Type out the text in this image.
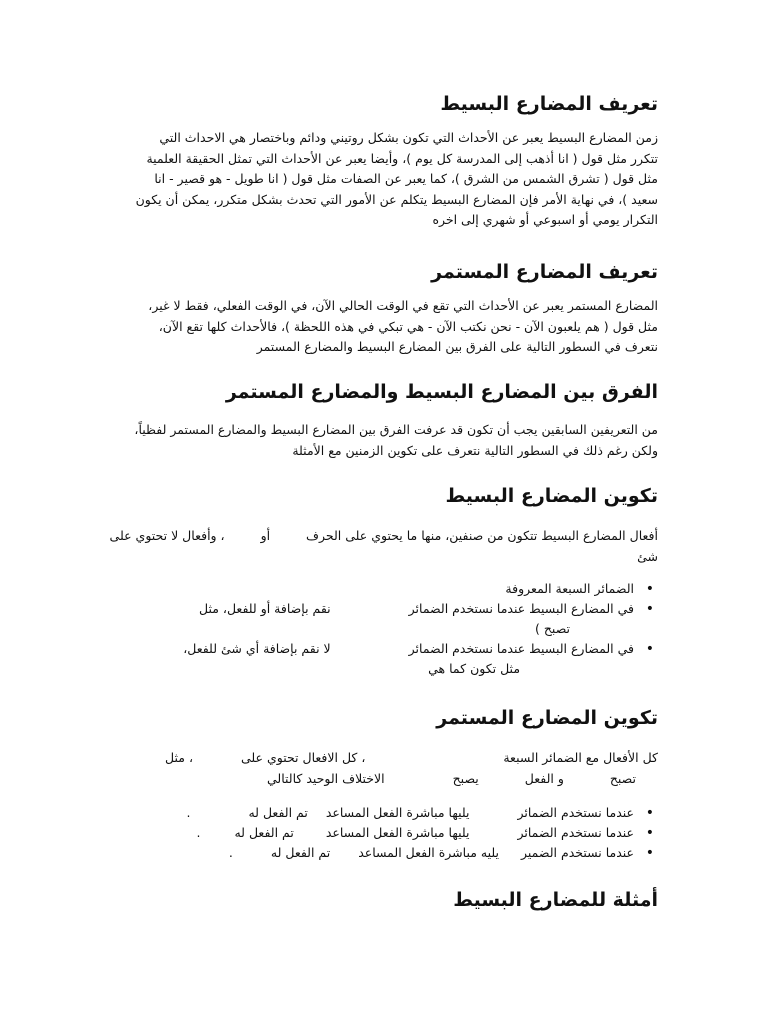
تعريف المضارع البسيط

زمن المضارع البسيط يعبر عن الأحداث التي تكون بشكل روتيني ودائم وباختصار هي الاحداث التي

تتكرر مثل قول ( انا أذهب إلى المدرسة كل يوم )، وأيضا يعبر عن الأحداث التي تمثل الحقيقة العلمية

مثل قول ( تشرق الشمس من الشرق )، كما يعبر عن الصفات مثل قول ( انا طويل - هو قصير - انا

سعيد )، في نهاية الأمر فإن المضارع البسيط يتكلم عن الأمور التي تحدث بشكل متكرر، يمكن أن يكون

التكرار يومي أو اسبوعي أو شهري إلى اخره

تعريف المضارع المستمر

المضارع المستمر يعبر عن الأحداث التي تقع في الوقت الحالي الآن، في الوقت الفعلي، فقط لا غير،

مثل قول ( هم يلعبون الآن - نحن نكتب الآن - هي تبكي في هذه اللحظة )، فالأحداث كلها تقع الآن،

نتعرف في السطور التالية على الفرق بين المضارع البسيط والمضارع المستمر

الفرق بين المضارع البسيط والمضارع المستمر

من التعريفين السابقين يجب أن تكون قد عرفت الفرق بين المضارع البسيط والمضارع المستمر لفظياً،

ولكن رغم ذلك في السطور التالية نتعرف على تكوين الزمنين مع الأمثلة

تكوين المضارع البسيط

أفعال المضارع البسيط تتكون من صنفين، منها ما يحتوي على الحرف  أو  ، وأفعال لا تحتوي على

شئ

• الضمائر السبعة المعروفة
• في المضارع البسيط عندما نستخدم الضمائر  نقم بإضافة أو للفعل، مثل
تصبح )
• في المضارع البسيط عندما نستخدم الضمائر  لا نقم بإضافة أي شئ للفعل،
مثل تكون كما هي
تكوين المضارع المستمر

كل الأفعال مع الضمائر السبعة  ، كل الافعال تحتوي على  ، مثل

تصبح  و الفعل  يصبح  الاختلاف الوحيد كالتالي

• عندما نستخدم الضمائر  يليها مباشرة الفعل المساعد  تم الفعل له  .
• عندما نستخدم الضمائر  يليها مباشرة الفعل المساعد  تم الفعل له  .
• عندما نستخدم الضمير  يليه مباشرة الفعل المساعد  تم الفعل له  .
أمثلة للمضارع البسيط
